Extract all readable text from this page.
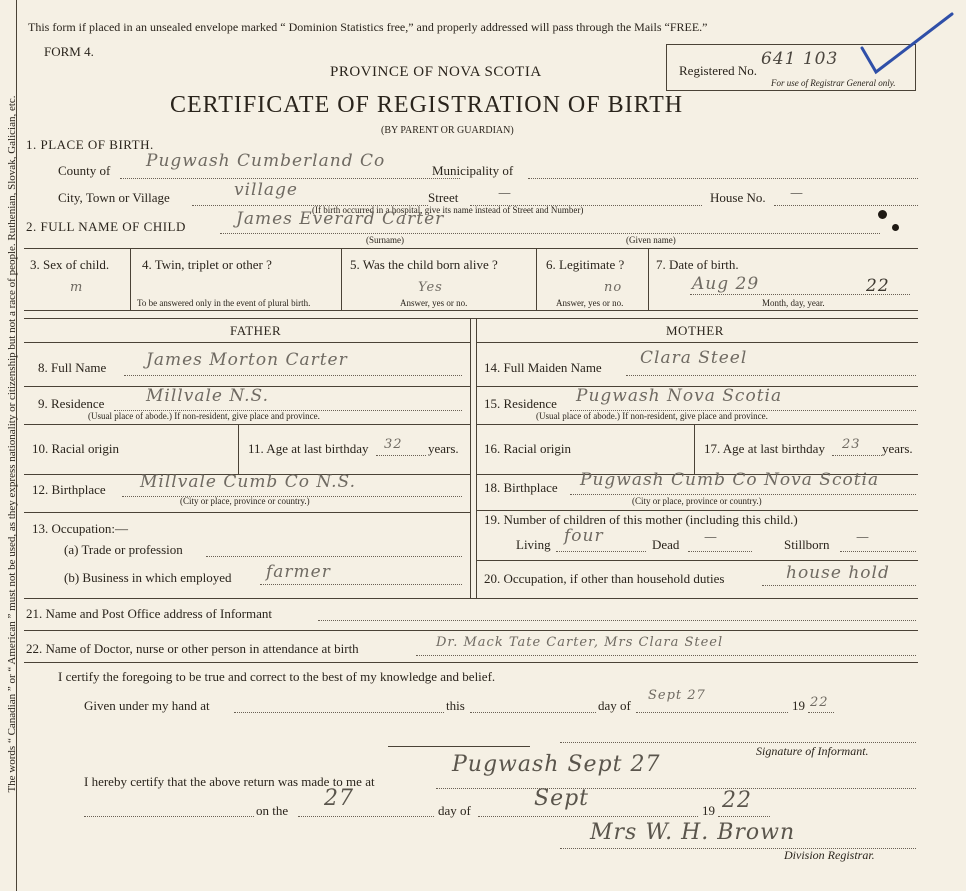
The words “ Canadian ” or “ American ” must not be used, as they express nationality or citizenship but not a race of people. Ruthenian, Slovak, Galician, etc.
This form if placed in an unsealed envelope marked “ Dominion Statistics free,” and properly addressed will pass through the Mails “FREE.”
FORM 4.
PROVINCE OF NOVA SCOTIA
CERTIFICATE OF REGISTRATION OF BIRTH
(BY PARENT OR GUARDIAN)
Registered No.
641 103
For use of Registrar General only.
1. PLACE OF BIRTH.
County of Pugwash Cumberland Co	Municipality of
City, Town or Village	village	Street	—	House No. —
(If birth occurred in a hospital, give its name instead of Street and Number)
2. FULL NAME OF CHILD	James Everard Carter
(Surname)	(Given name)
3. Sex of child.
m
4. Twin, triplet or other ?
To be answered only in the event of plural birth.
5. Was the child born alive ?
Yes
Answer, yes or no.
6. Legitimate ?
no
Answer, yes or no.
7. Date of birth.
Aug 29	22
Month, day, year.
FATHER	MOTHER
8. Full Name James Morton Carter
9. Residence Millvale N.S.
(Usual place of abode.) If non-resident, give place and province.
10. Racial origin	11. Age at last birthday 32 years.
12. Birthplace Millvale Cumb Co N.S.
(City or place, province or country.)
13. Occupation:—
(a) Trade or profession
(b) Business in which employed farmer
14. Full Maiden Name Clara Steel
15. Residence Pugwash Nova Scotia
(Usual place of abode.) If non-resident, give place and province.
16. Racial origin	17. Age at last birthday 23 years.
18. Birthplace Pugwash Cumb Co Nova Scotia
(City or place, province or country.)
19. Number of children of this mother (including this child.)
Living four	Dead —	Stillborn —
20. Occupation, if other than household duties	house hold
21. Name and Post Office address of Informant
22. Name of Doctor, nurse or other person in attendance at birth	Dr. Mack Tate Carter, Mrs Clara Steel
I certify the foregoing to be true and correct to the best of my knowledge and belief.
Given under my hand at	this	day of
Sept 27
19 22
Signature of Informant.
I hereby certify that the above return was made to me at
Pugwash Sept 27
on the 27	day of	Sept	19 22
Mrs W. H. Brown
Division Registrar.
